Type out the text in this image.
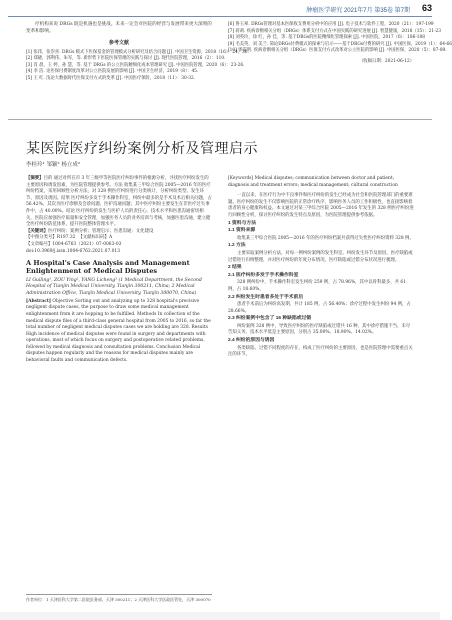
肿瘤医学研究 2021年7月 第35卷 第7期 63

疗机构来说 DRGs 既是机遇也是挑战。未来一定会对医院的经营与发展带来更大深刻的变革和影响。

参考文献
[1] 张玮，张崇喜. DRGs 模式下医保基金的管理模式分析研究及结合问题 [J]. 中国卫生资源，2018（16）：24，30.
[2] 郑晓，郭利伟，朱军，等. 新形势下医院医保管理的实践与探讨 [J]. 现代医院管理，2016（2）：110.
[3] 肖 晨，王 婷，孙 慧，等. 基于 DRGs 的公立医院精细化成本管理研究 [J]. 中国医院管理，2020（6）：23-26.
[4] 李 洁. 论医保付费制度改革对公立医院发展的影响 [J]. 中国卫生经济，2019（8）：45.
[5] 王 红. 浅论大数据时代医保支付方式的变革 [J]. 中国医疗保险，2018（11）：30-32.
[6] 鲁玉翠. DRGs管理对基本医保收支费用分析中的应用 [J]. 电子技术与软件工程，2020（21）：197-199
[7] 蒋莉. 疾病诊断相关分组（DRGs）体系支付方式在中国实践的研究进展 [J]. 智慧健康，2018（15）：21-23
[8] 刘英玲，徐 红，孙 佳，等. 基于DRGs的医院精细化管理探索 [J]. 中国医院，2017（6）：186-188
[9] 毛美英，刘 美兰. 简论DRGs付费模式的探索与启示——基于DRGs付费的研究 [J]. 中国医保，2019（1）：64-66
[10] 郭雷明. 疾病诊断相关分组（DRGs）医保支付方式改革对公立医院的影响 [J]. 中国医保，2020（5）：87-89.
（收稿日期：2021-06-12）
某医院医疗纠纷案例分析及管理启示
李桂玲¹ 邹颖² 杨立成²
【摘要】目的 通过对所在市 3 年三级甲等医院医疗纠纷事件的根源分析，寻找医疗纠纷发生的主要原因和诱发因素，为医院管理提供参考。方法 收集某三甲综合医院 2005—2016 年的医疗纠纷档案，采用回顾性分析方法，对 328 例医疗纠纷进行分类统计，分析纠纷类型、发生环节、原因及诱因。结果 医疗纠纷多发于手术操作科室，纠纷中最多的是手术及术后相关问题，占 56.42%，其次为医疗诊断及会诊问题、医护沟通问题；其中医疗纠纷主要发生在非医疗过失事件中，占 40.00%。结论 医疗纠纷的发生与医护人员的责任心、技术水平和医患沟通密切相关，医院应加强医疗质量和安全管理，加强医务人员的业务培训与考核，加强医患沟通，建立健全医疗纠纷防范体系，提升医院整体管理水平。
【关键词】医疗纠纷；案例分析；管理启示；医患沟通；文化建设
【中图分类号】R197.32 【文献标识码】A
【文章编号】1004-6763（2021）07-0063-03
doi:10.3969/j.issn.1004-6763.2021.07.013
A Hospital's Case Analysis and Management Enlightenment of Medical Disputes
LI Guiling¹, ZOU Ying², YANG Licheng² (1 Medical Department, the Second Hospital of Tianjin Medical University, Tianjin 300211, China; 2 Medical Administration Office, Tianjin Medical University, Tianjin 300070, China)
[Abstract] Objective Sorting out and analyzing up to 328 hospital's precisive negligent dispute cases, the purpose to draw some medical management enlightenment from it are hopping to be fulfilled. Methods In collection of the medical dispute files of a third-class general hospital from 2005 to 2016, so far the total number of negligent medical disputes cases we are holding are 328. Results High incidence of medical disputes were found in surgery and departments with operations, most of which focus on surgery and postoperative related problems, followed by medical diagnosis and consultation problems. Conclusion Medical disputes happen regularly and the reasons for medical disputes mainly are behavioral faults and communication defects.
[Keywords] Medical disputes; communication between doctor and patient; diagnosis and treatment errors; medical management; cultural construction

一直以来，在医疗行为中不良事件和医疗纠纷的发生已经成为社会和医院管理部门的重要难题。医疗纠纷的发生不仅影响医院的正常诊疗秩序，影响医务人员的工作积极性，也直接影响着患者的身心健康和权益。本文通过对某三甲综合医院 2005—2016 年发生的 328 例医疗纠纷进行回顾性分析，探讨医疗纠纷的发生特点及原因，为医院管理提供参考依据。

1 资料与方法

1.1 资料来源

收集某三甲综合医院 2005—2016 年的医疗纠纷档案共获得过失性医疗纠纷资料 328 例。

1.2 方法

主要采取案例分析方法，对每一例纠纷案例的发生科室、纠纷发生环节及原因、医疗缺陷或过错进行归纳整理，并对医疗纠纷的年度分布情况、医疗缺陷或过错分布状况进行梳理。

2 结果

2.1 医疗纠纷多发于手术操作科室

328 例纠纷中，手术操作科室发生纠纷 259 例，占 78.96%，其中以骨科最多，共 61 例，占 18.60%。

2.2 纠纷发生时患者多处于手术前后

患者手术前后为纠纷高发期，共计 185 例，占 56.40%；诊疗过程中发生纠纷 94 例，占 28.66%。

2.3 纠纷案例中包含了 16 种缺陷或过错

纠纷案例 328 例中，导致医疗纠纷的医疗缺陷或过错共 16 种，其中诊疗措施不当、未尽告知义务、技术水平低是主要原因，分别占 35.00%、18.90%、14.02%。

2.4 纠纷的原因与诱因

各类缺陷、过错不同程度的存在，构成了医疗纠纷的主要原因，也是医院管理中需要重点关注的环节。

作者单位：1 天津医科大学第二医院医务部，天津 300211；2 天津医科大学医政医管处，天津 300070
